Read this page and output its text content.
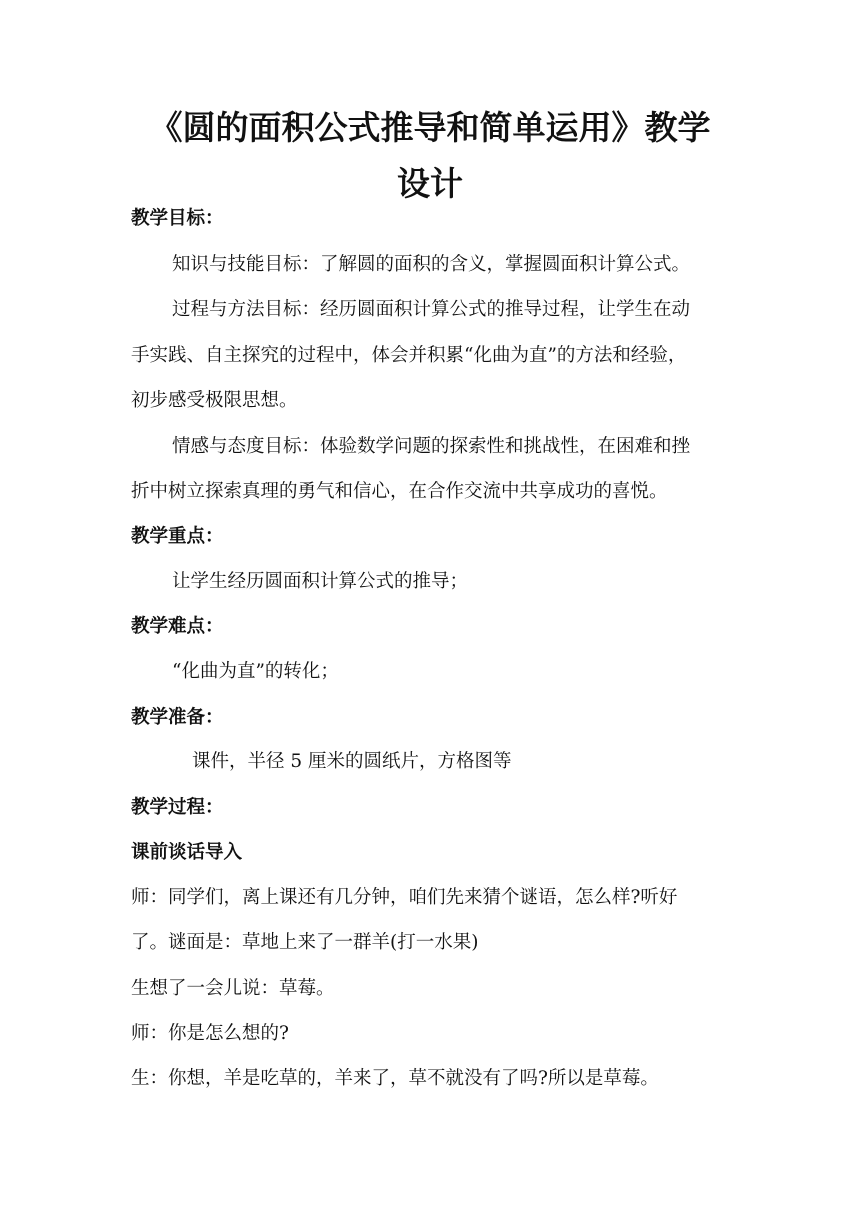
《圆的面积公式推导和简单运用》教学
设计

教学目标：

知识与技能目标：了解圆的面积的含义，掌握圆面积计算公式。

过程与方法目标：经历圆面积计算公式的推导过程，让学生在动

手实践、自主探究的过程中，体会并积累“化曲为直”的方法和经验，

初步感受极限思想。

情感与态度目标：体验数学问题的探索性和挑战性，在困难和挫

折中树立探索真理的勇气和信心，在合作交流中共享成功的喜悦。

教学重点：

让学生经历圆面积计算公式的推导；

教学难点：

“化曲为直”的转化；

教学准备：

课件，半径 5 厘米的圆纸片，方格图等

教学过程：

课前谈话导入

师：同学们，离上课还有几分钟，咱们先来猜个谜语，怎么样?听好

了。谜面是：草地上来了一群羊(打一水果)

生想了一会儿说：草莓。

师：你是怎么想的?

生：你想，羊是吃草的，羊来了，草不就没有了吗?所以是草莓。
